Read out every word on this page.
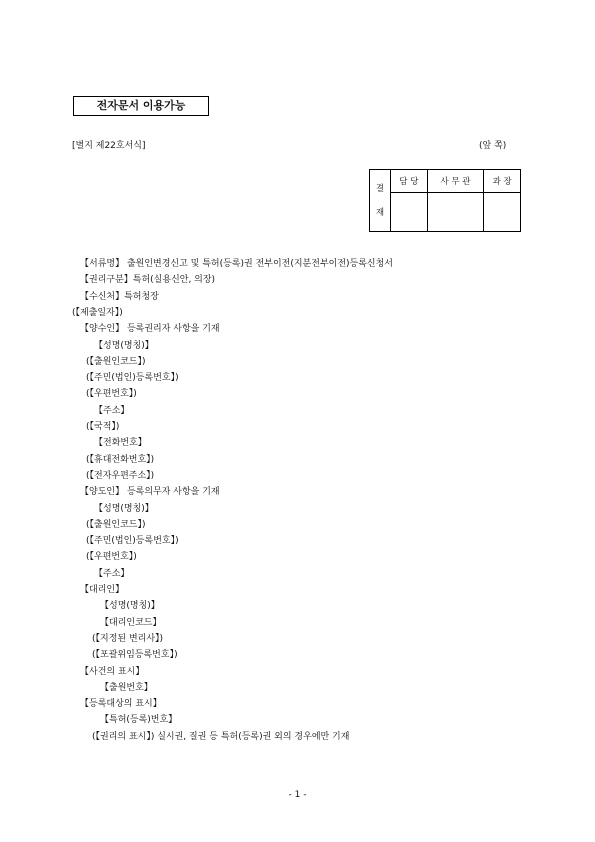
전자문서 이용가능
[별지 제22호서식]	(앞 쪽)
결
재	담 당	사 무 관	과 장

【서류명】 출원인변경신고 및 특허(등록)권 전부이전(지분전부이전)등록신청서
【권리구분】특허(실용신안, 의장)
【수신처】특허청장
(【제출일자】)
【양수인】 등록권리자 사항을 기재
【성명(명칭)】
(【출원인코드】)
(【주민(법인)등록번호】)
(【우편번호】)
【주소】
(【국적】)
【전화번호】
(【휴대전화번호】)
(【전자우편주소】)
【양도인】 등록의무자 사항을 기재
【성명(명칭)】
(【출원인코드】)
(【주민(법인)등록번호】)
(【우편번호】)
【주소】
【대리인】
【성명(명칭)】
【대리인코드】
(【지정된 변리사】)
(【포괄위임등록번호】)
【사건의 표시】
【출원번호】
【등록대상의 표시】
【특허(등록)번호】
(【권리의 표시】) 실시권, 질권 등 특허(등록)권 외의 경우에만 기재
- 1 -
